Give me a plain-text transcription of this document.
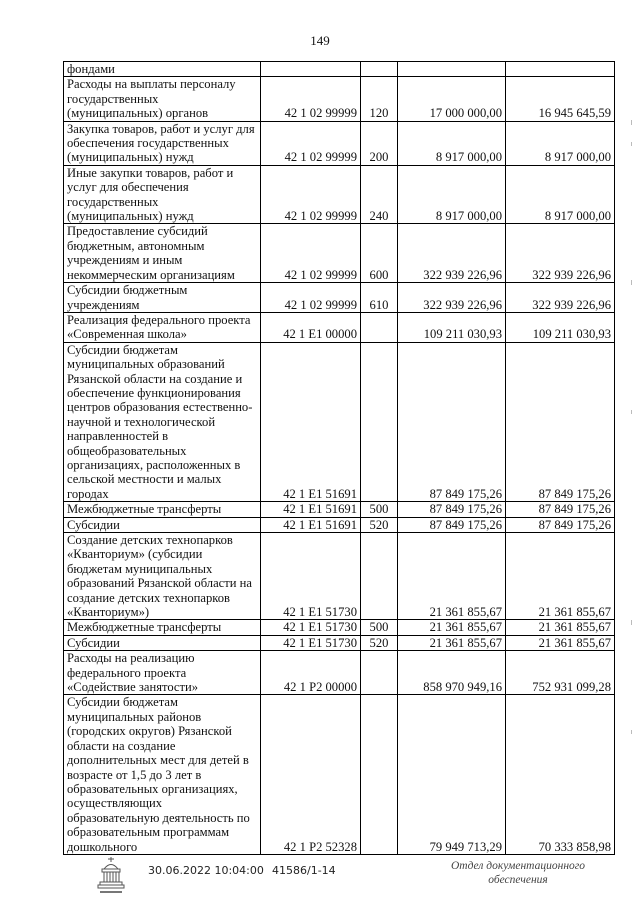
149
фондами				
Расходы на выплаты персоналу государственных (муниципальных) органов	42 1 02 99999	120	17 000 000,00	16 945 645,59
Закупка товаров, работ и услуг для обеспечения государственных (муниципальных) нужд	42 1 02 99999	200	8 917 000,00	8 917 000,00
Иные закупки товаров, работ и услуг для обеспечения государственных (муниципальных) нужд	42 1 02 99999	240	8 917 000,00	8 917 000,00
Предоставление субсидий бюджетным, автономным учреждениям и иным некоммерческим организациям	42 1 02 99999	600	322 939 226,96	322 939 226,96
Субсидии бюджетным учреждениям	42 1 02 99999	610	322 939 226,96	322 939 226,96
Реализация федерального проекта «Современная школа»	42 1 E1 00000		109 211 030,93	109 211 030,93
Субсидии бюджетам муниципальных образований Рязанской области на создание и обеспечение функционирования центров образования естественно-научной и технологической направленностей в общеобразовательных организациях, расположенных в сельской местности и малых городах	42 1 E1 51691		87 849 175,26	87 849 175,26
Межбюджетные трансферты	42 1 E1 51691	500	87 849 175,26	87 849 175,26
Субсидии	42 1 E1 51691	520	87 849 175,26	87 849 175,26
Создание детских технопарков «Кванториум» (субсидии бюджетам муниципальных образований Рязанской области на создание детских технопарков «Кванториум»)	42 1 E1 51730		21 361 855,67	21 361 855,67
Межбюджетные трансферты	42 1 E1 51730	500	21 361 855,67	21 361 855,67
Субсидии	42 1 E1 51730	520	21 361 855,67	21 361 855,67
Расходы на реализацию федерального проекта «Содействие занятости»	42 1 P2 00000		858 970 949,16	752 931 099,28
Субсидии бюджетам муниципальных районов (городских округов) Рязанской области на создание дополнительных мест для детей в возрасте от 1,5 до 3 лет в образовательных организациях, осуществляющих образовательную деятельность по образовательным программам дошкольного	42 1 P2 52328		79 949 713,29	70 333 858,98
30.06.2022 10:04:00 41586/1-14	Отдел документационного обеспечения
